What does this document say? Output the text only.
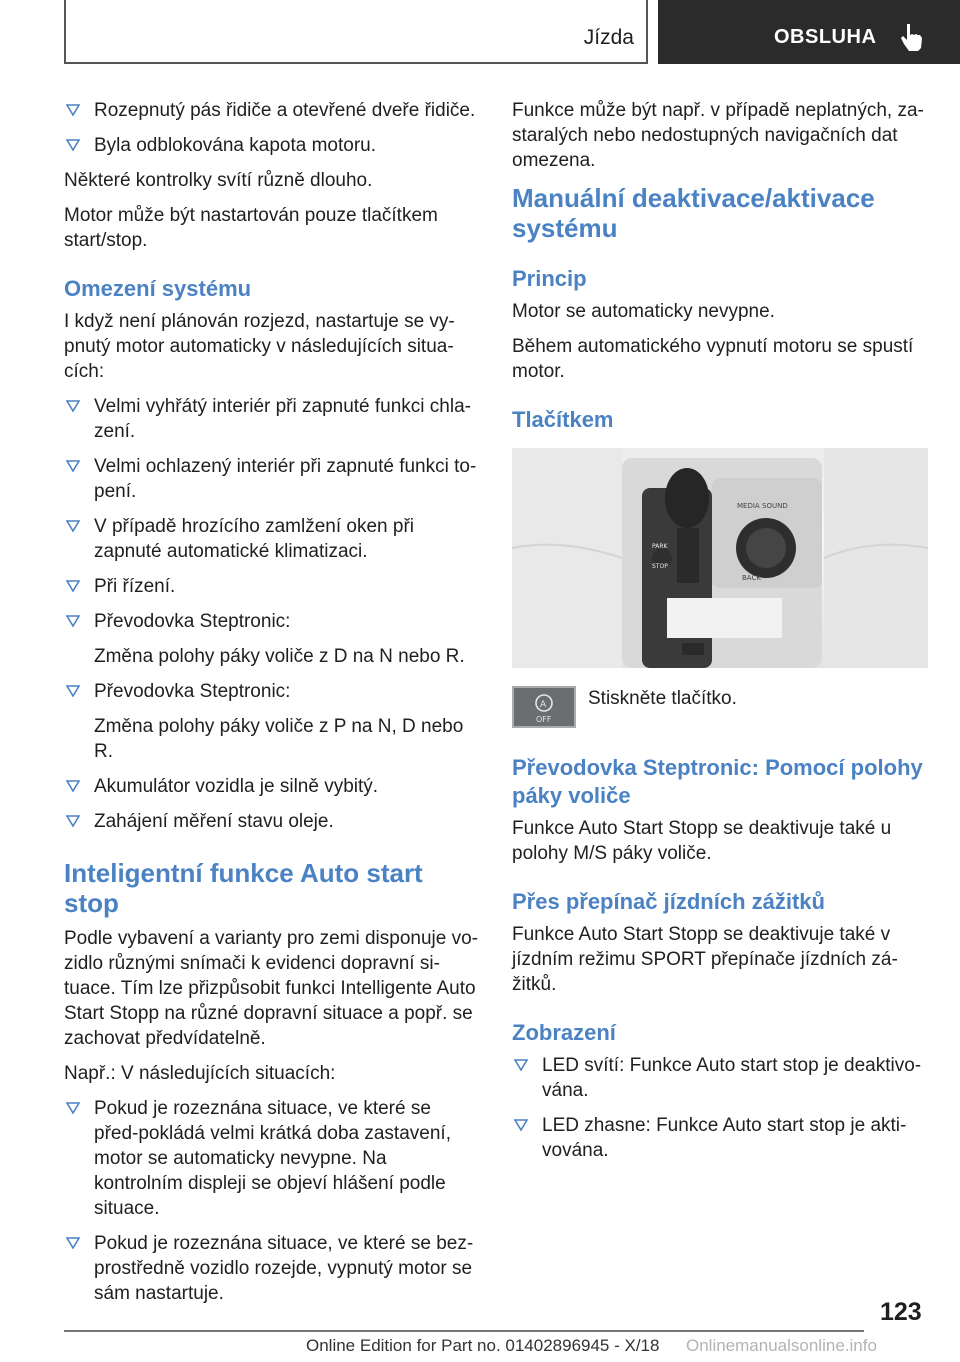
Jízda	OBSLUHA
Rozepnutý pás řidiče a otevřené dveře řidiče.
Byla odblokována kapota motoru.

Některé kontrolky svítí různě dlouho.

Motor může být nastartován pouze tlačítkem start/stop.

Omezení systému

I když není plánován rozjezd, nastartuje se vy-pnutý motor automaticky v následujících situa-cích:

Velmi vyhřátý interiér při zapnuté funkci chla-zení.
Velmi ochlazený interiér při zapnuté funkci to-pení.
V případě hrozícího zamlžení oken při zapnuté automatické klimatizaci.
Při řízení.
Převodovka Steptronic:

Změna polohy páky voliče z D na N nebo R.

Převodovka Steptronic:

Změna polohy páky voliče z P na N, D nebo R.

Akumulátor vozidla je silně vybitý.
Zahájení měření stavu oleje.
Inteligentní funkce Auto start stop

Podle vybavení a varianty pro zemi disponuje vo-zidlo různými snímači k evidenci dopravní si-tuace. Tím lze přizpůsobit funkci Intelligente Auto Start Stopp na různé dopravní situace a popř. se zachovat předvídatelně.

Např.: V následujících situacích:

Pokud je rozeznána situace, ve které se před-pokládá velmi krátká doba zastavení, motor se automaticky nevypne. Na kontrolním displeji se objeví hlášení podle situace.
Pokud je rozeznána situace, ve které se bez-prostředně vozidlo rozejde, vypnutý motor se sám nastartuje.

Funkce může být např. v případě neplatných, za-staralých nebo nedostupných navigačních dat omezena.

Manuální deaktivace/aktivace systému
Princip

Motor se automaticky nevypne.

Během automatického vypnutí motoru se spustí motor.

Tlačítkem
MEDIA SOUND
BACK
PARK
STOP
A
OFF
Stiskněte tlačítko.
Převodovka Steptronic: Pomocí polohy páky voliče

Funkce Auto Start Stopp se deaktivuje také u polohy M/S páky voliče.

Přes přepínač jízdních zážitků

Funkce Auto Start Stopp se deaktivuje také v jízdním režimu SPORT přepínače jízdních zá-žitků.

Zobrazení
LED svítí: Funkce Auto start stop je deaktivo-vána.
LED zhasne: Funkce Auto start stop je akti-vována.
123
Online Edition for Part no. 01402896945 - X/18 Onlinemanualsonline.info
